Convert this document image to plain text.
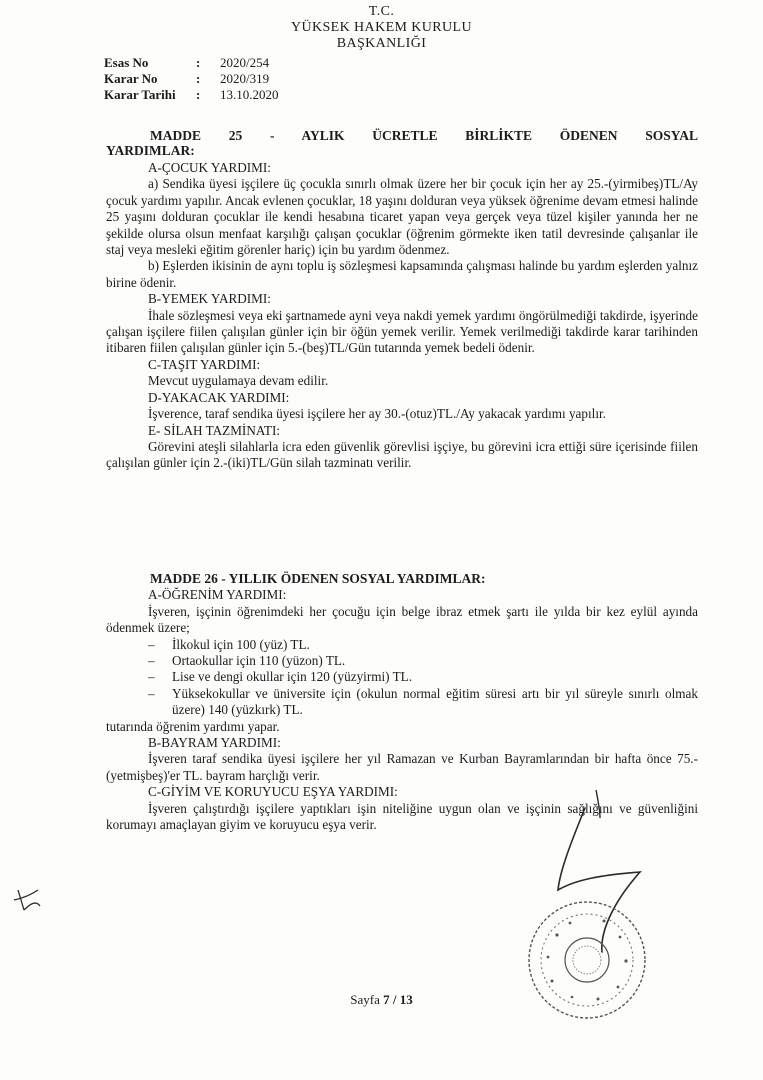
T.C.
YÜKSEK HAKEM KURULU
BAŞKANLIĞI
Esas No	: 2020/254
Karar No	: 2020/319
Karar Tarihi : 13.10.2020
MADDE 25 - AYLIK ÜCRETLE BİRLİKTE ÖDENEN SOSYAL
YARDIMLAR:

A-ÇOCUK YARDIMI:

a) Sendika üyesi işçilere üç çocukla sınırlı olmak üzere her bir çocuk için her ay 25.-(yirmibeş)TL/Ay çocuk yardımı yapılır. Ancak evlenen çocuklar, 18 yaşını dolduran veya yüksek öğrenime devam etmesi halinde 25 yaşını dolduran çocuklar ile kendi hesabına ticaret yapan veya gerçek veya tüzel kişiler yanında her ne şekilde olursa olsun menfaat karşılığı çalışan çocuklar (öğrenim görmekte iken tatil devresinde çalışanlar ile staj veya mesleki eğitim görenler hariç) için bu yardım ödenmez.

b) Eşlerden ikisinin de aynı toplu iş sözleşmesi kapsamında çalışması halinde bu yardım eşlerden yalnız birine ödenir.

B-YEMEK YARDIMI:

İhale sözleşmesi veya eki şartnamede ayni veya nakdi yemek yardımı öngörülmediği takdirde, işyerinde çalışan işçilere fiilen çalışılan günler için bir öğün yemek verilir. Yemek verilmediği takdirde karar tarihinden itibaren fiilen çalışılan günler için 5.-(beş)TL/Gün tutarında yemek bedeli ödenir.

C-TAŞIT YARDIMI:

Mevcut uygulamaya devam edilir.

D-YAKACAK YARDIMI:

İşverence, taraf sendika üyesi işçilere her ay 30.-(otuz)TL./Ay yakacak yardımı yapılır.

E- SİLAH TAZMİNATI:

Görevini ateşli silahlarla icra eden güvenlik görevlisi işçiye, bu görevini icra ettiği süre içerisinde fiilen çalışılan günler için 2.-(iki)TL/Gün silah tazminatı verilir.

MADDE 26 - YILLIK ÖDENEN SOSYAL YARDIMLAR:

A-ÖĞRENİM YARDIMI:

İşveren, işçinin öğrenimdeki her çocuğu için belge ibraz etmek şartı ile yılda bir kez eylül ayında ödenmek üzere;

– İlkokul için 100 (yüz) TL.
– Ortaokullar için 110 (yüzon) TL.
– Lise ve dengi okullar için 120 (yüzyirmi) TL.
– Yüksekokullar ve üniversite için (okulun normal eğitim süresi artı bir yıl süreyle sınırlı olmak üzere) 140 (yüzkırk) TL.

tutarında öğrenim yardımı yapar.

B-BAYRAM YARDIMI:

İşveren taraf sendika üyesi işçilere her yıl Ramazan ve Kurban Bayramlarından bir hafta önce 75.-(yetmişbeş)'er TL. bayram harçlığı verir.

C-GİYİM VE KORUYUCU EŞYA YARDIMI:

İşveren çalıştırdığı işçilere yaptıkları işin niteliğine uygun olan ve işçinin sağlığını ve güvenliğini korumayı amaçlayan giyim ve koruyucu eşya verir.

Sayfa 7 / 13
